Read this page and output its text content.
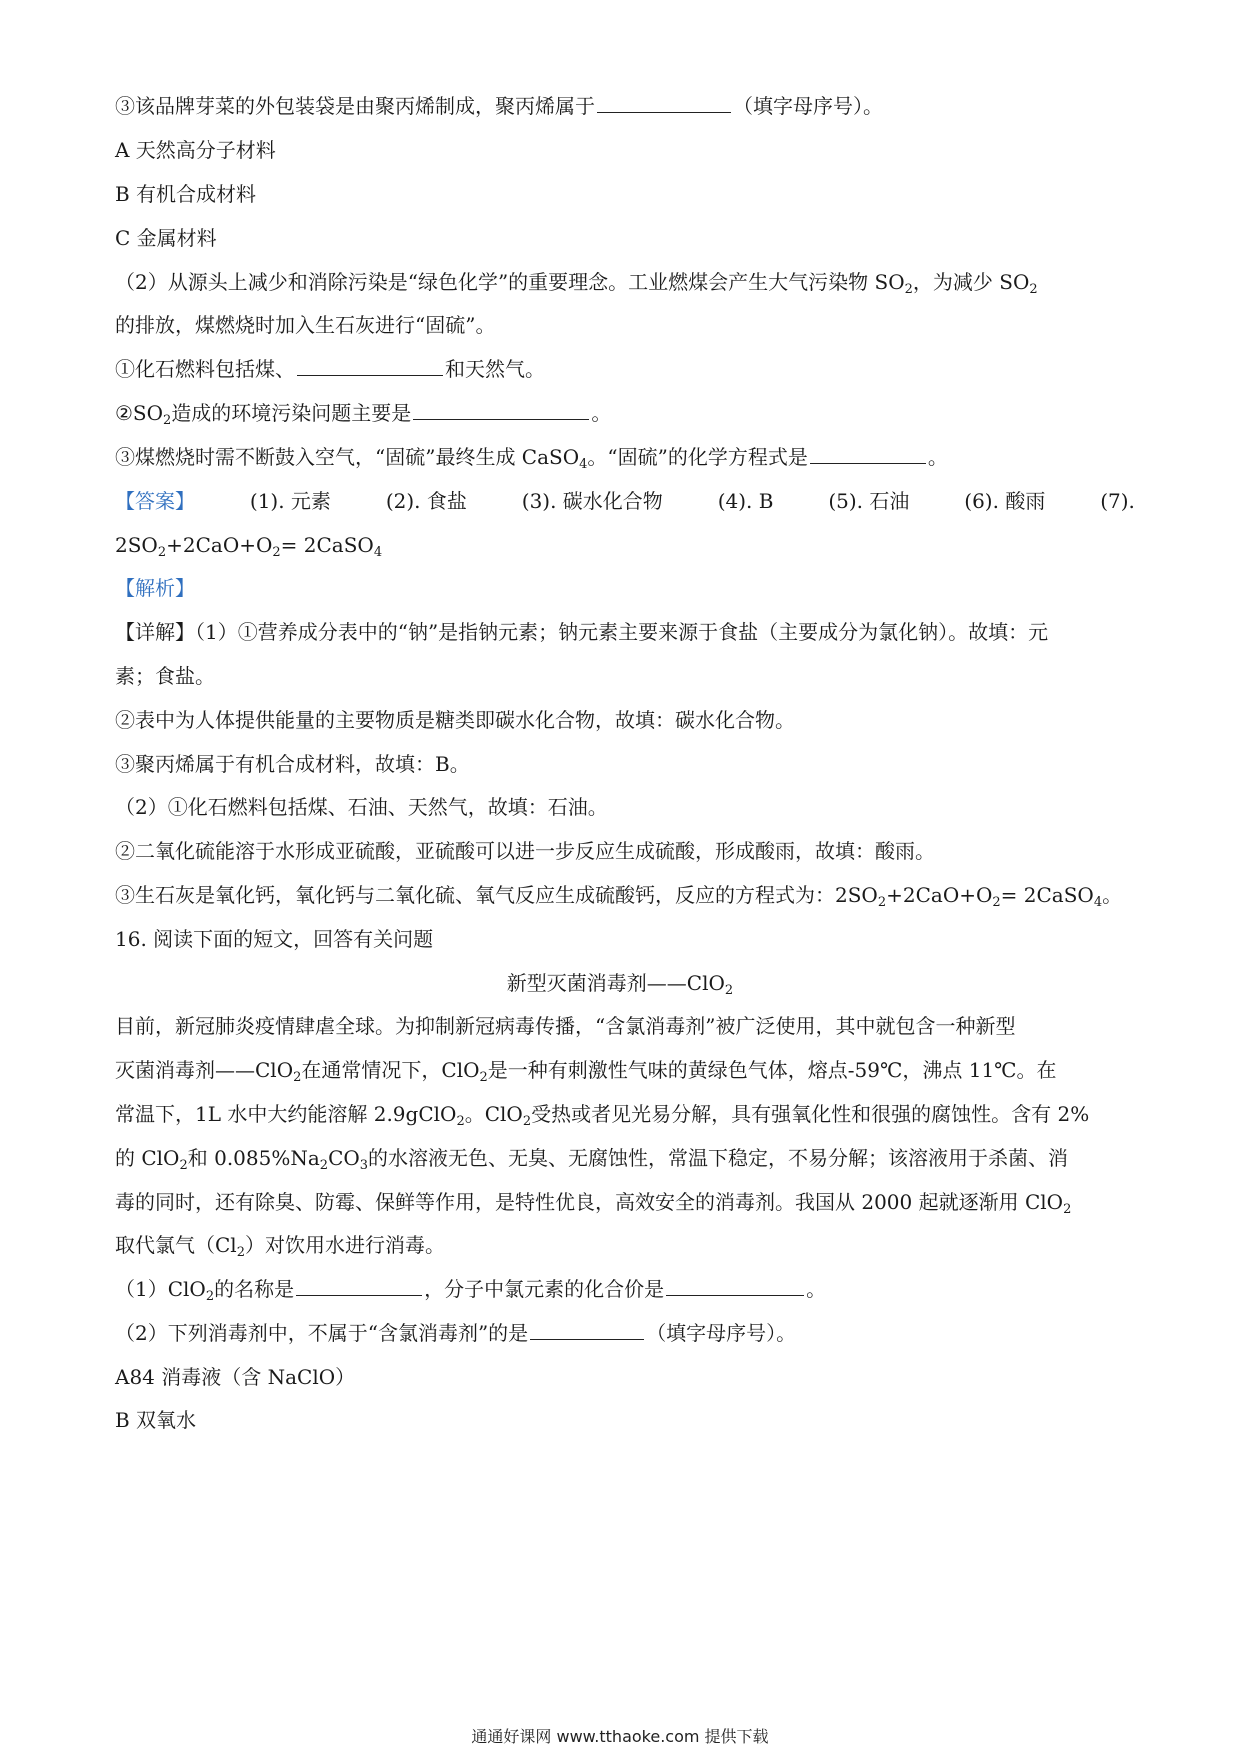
③该品牌芽菜的外包装袋是由聚丙烯制成，聚丙烯属于	（填字母序号）。
A 天然高分子材料
B 有机合成材料
C 金属材料
（2）从源头上减少和消除污染是“绿色化学”的重要理念。工业燃煤会产生大气污染物 $SO_2$，为减少 $SO_2$
的排放，煤燃烧时加入生石灰进行“固硫”。
①化石燃料包括煤、	和天然气。
$②SO_2$造成的环境污染问题主要是	。
③煤燃烧时需不断鼓入空气，“固硫”最终生成 CaSO$_4$。“固硫”的化学方程式是	。
【答案】	(1). 元素	(2). 食盐	(3). 碳水化合物	(4). B	(5). 石油	(6). 酸雨	(7).
$2SO_2+2CaO+O_2=$ 2CaSO$_4$
【解析】
【详解】（1）①营养成分表中的“钠”是指钠元素；钠元素主要来源于食盐（主要成分为氯化钠）。故填：元
素；食盐。
②表中为人体提供能量的主要物质是糖类即碳水化合物，故填：碳水化合物。
③聚丙烯属于有机合成材料，故填：B。
（2）①化石燃料包括煤、石油、天然气，故填：石油。
②二氧化硫能溶于水形成亚硫酸，亚硫酸可以进一步反应生成硫酸，形成酸雨，故填：酸雨。
③生石灰是氧化钙，氧化钙与二氧化硫、氧气反应生成硫酸钙，反应的方程式为：$2SO_2+2CaO+O_2=$ 2CaSO$_4$。
16. 阅读下面的短文，回答有关问题
新型灭菌消毒剂——ClO$_2$
目前，新冠肺炎疫情肆虐全球。为抑制新冠病毒传播，“含氯消毒剂”被广泛使用，其中就包含一种新型
灭菌消毒剂——ClO$_2$在通常情况下，ClO$_2$是一种有刺激性气味的黄绿色气体，熔点-59℃，沸点 11℃。在
常温下，1L 水中大约能溶解 2.9gClO$_2$。ClO$_2$受热或者见光易分解，具有强氧化性和很强的腐蚀性。含有 2%
的 ClO$_2$和 $0.085\%Na_2CO_3$的水溶液无色、无臭、无腐蚀性，常温下稳定，不易分解；该溶液用于杀菌、消
毒的同时，还有除臭、防霉、保鲜等作用，是特性优良，高效安全的消毒剂。我国从 2000 起就逐渐用 ClO$_2$
取代氯气$(Cl_2)$对饮用水进行消毒。
（1）ClO$_2$的名称是	，分子中氯元素的化合价是	。
（2）下列消毒剂中，不属于“含氯消毒剂”的是	（填字母序号）。
A84 消毒液（含 NaClO）
B 双氧水
通通好课网 www.tthaoke.com 提供下载
